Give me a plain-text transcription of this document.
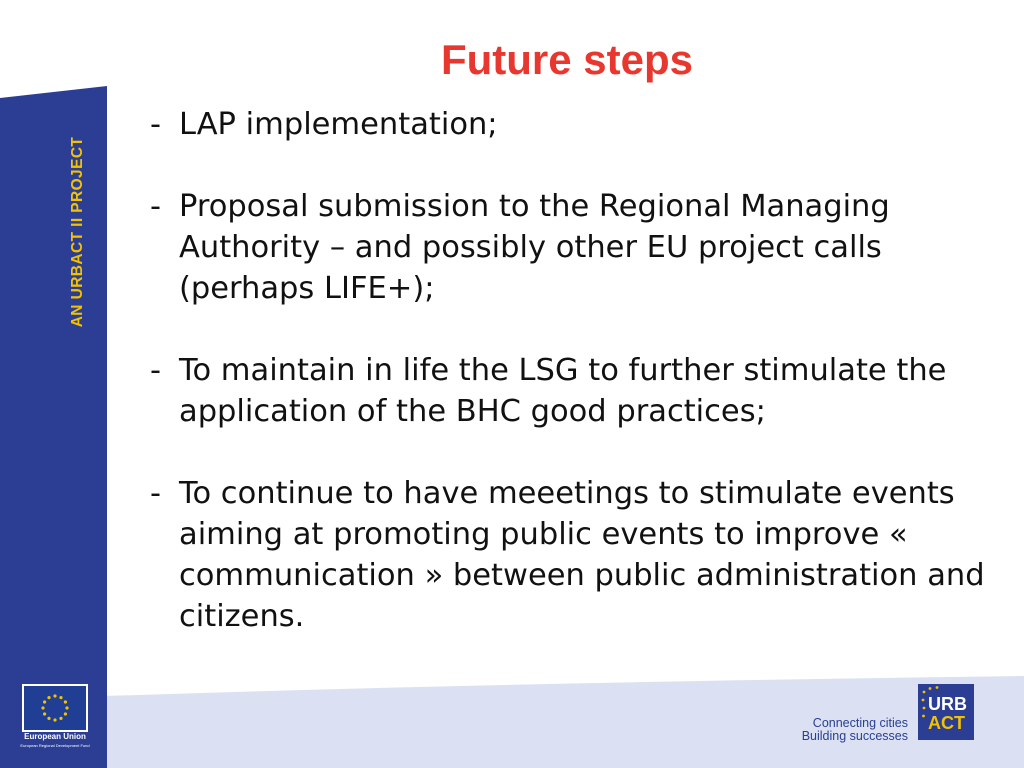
AN URBACT II PROJECT
Future steps
- LAP implementation;
- Proposal submission to the Regional Managing Authority – and possibly other EU project calls (perhaps LIFE+);
- To maintain in life the LSG to further stimulate the application of the BHC good practices;
- To continue to have meeetings to stimulate events aiming at promoting public events to improve « communication » between public administration and citizens.
European Union
European Regional Development Fund
Connecting cities
Building successes
URB
ACT
